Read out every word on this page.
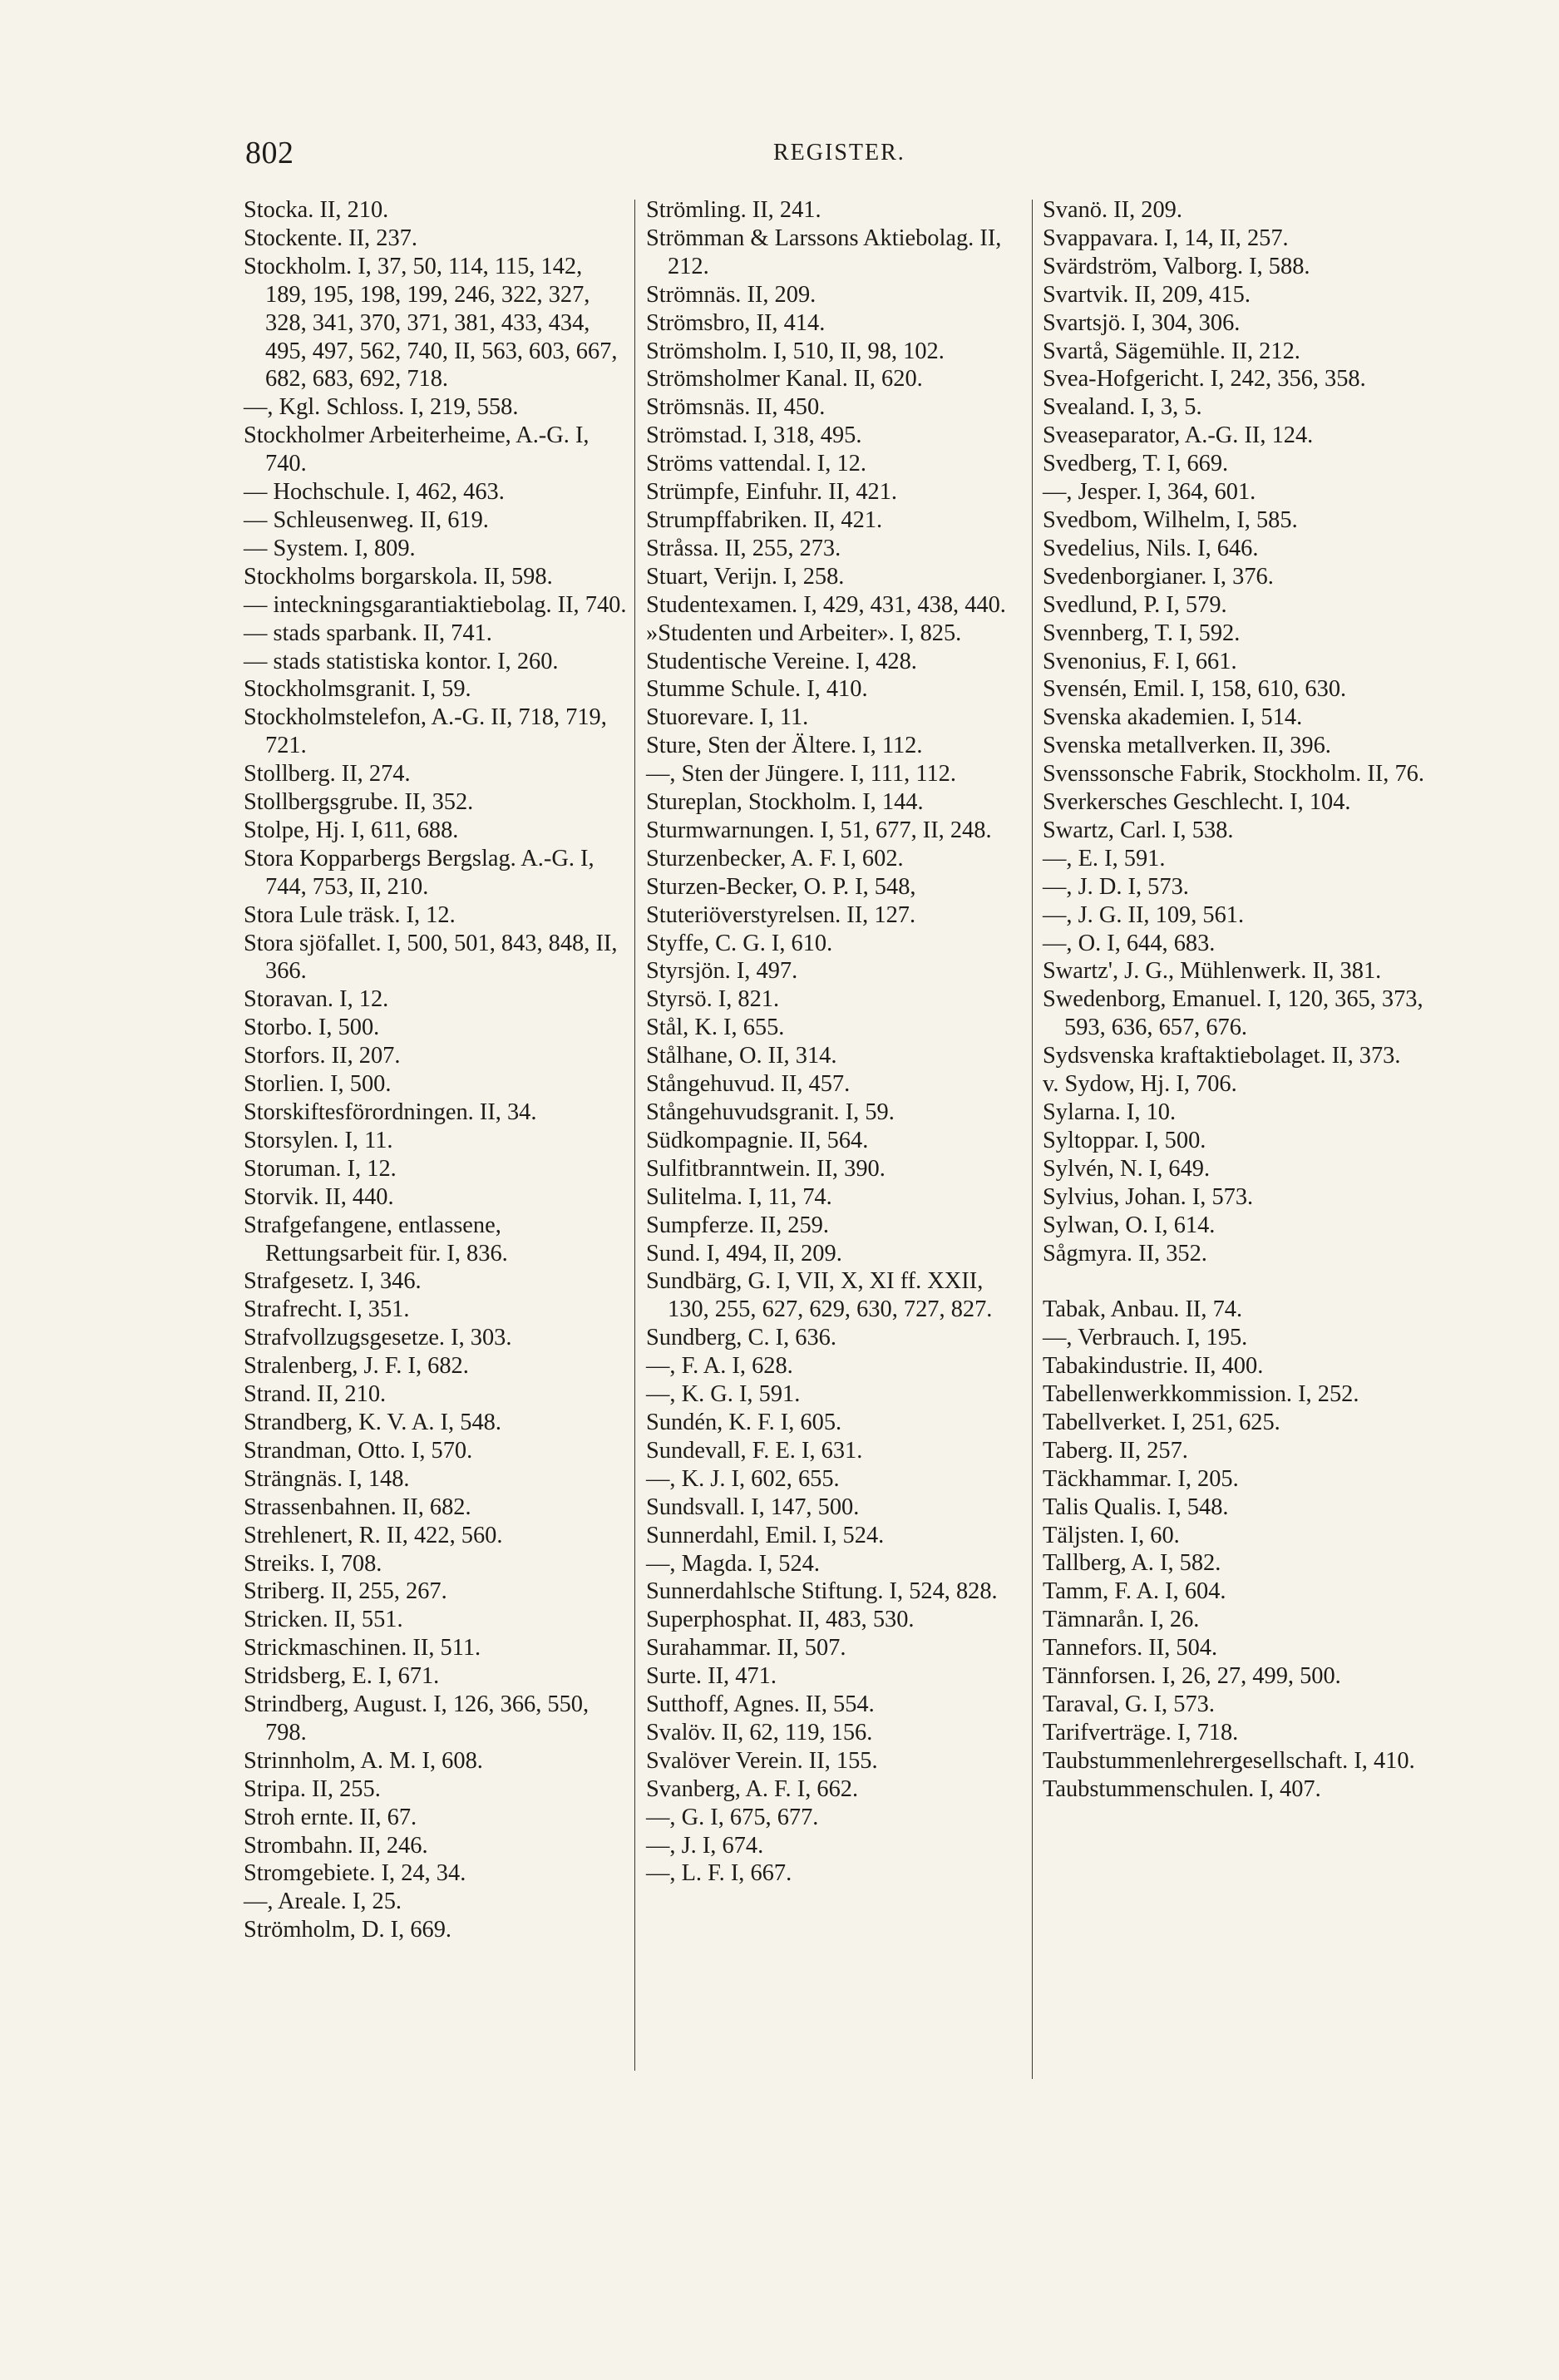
802	REGISTER.

Stocka. II, 210.

Stockente. II, 237.

Stockholm. I, 37, 50, 114, 115, 142, 189, 195, 198, 199, 246, 322, 327, 328, 341, 370, 371, 381, 433, 434, 495, 497, 562, 740, II, 563, 603, 667, 682, 683, 692, 718.

—, Kgl. Schloss. I, 219, 558.

Stockholmer Arbeiterheime, A.-G. I, 740.

— Hochschule. I, 462, 463.

— Schleusenweg. II, 619.

— System. I, 809.

Stockholms borgarskola. II, 598.

— inteckningsgarantiaktiebolag. II, 740.

— stads sparbank. II, 741.

— stads statistiska kontor. I, 260.

Stockholmsgranit. I, 59.

Stockholmstelefon, A.-G. II, 718, 719, 721.

Stollberg. II, 274.

Stollbergsgrube. II, 352.

Stolpe, Hj. I, 611, 688.

Stora Kopparbergs Bergslag. A.-G. I, 744, 753, II, 210.

Stora Lule träsk. I, 12.

Stora sjöfallet. I, 500, 501, 843, 848, II, 366.

Storavan. I, 12.

Storbo. I, 500.

Storfors. II, 207.

Storlien. I, 500.

Storskiftesförordningen. II, 34.

Storsylen. I, 11.

Storuman. I, 12.

Storvik. II, 440.

Strafgefangene, entlassene, Rettungsarbeit für. I, 836.

Strafgesetz. I, 346.

Strafrecht. I, 351.

Strafvollzugsgesetze. I, 303.

Stralenberg, J. F. I, 682.

Strand. II, 210.

Strandberg, K. V. A. I, 548.

Strandman, Otto. I, 570.

Strängnäs. I, 148.

Strassenbahnen. II, 682.

Strehlenert, R. II, 422, 560.

Streiks. I, 708.

Striberg. II, 255, 267.

Stricken. II, 551.

Strickmaschinen. II, 511.

Stridsberg, E. I, 671.

Strindberg, August. I, 126, 366, 550, 798.

Strinnholm, A. M. I, 608.

Stripa. II, 255.

Stroh ernte. II, 67.

Strombahn. II, 246.

Stromgebiete. I, 24, 34.

—, Areale. I, 25.

Strömholm, D. I, 669.

Strömling. II, 241.

Strömman & Larssons Aktiebolag. II, 212.

Strömnäs. II, 209.

Strömsbro, II, 414.

Strömsholm. I, 510, II, 98, 102.

Strömsholmer Kanal. II, 620.

Strömsnäs. II, 450.

Strömstad. I, 318, 495.

Ströms vattendal. I, 12.

Strümpfe, Einfuhr. II, 421.

Strumpffabriken. II, 421.

Stråssa. II, 255, 273.

Stuart, Verijn. I, 258.

Studentexamen. I, 429, 431, 438, 440.

»Studenten und Arbeiter». I, 825.

Studentische Vereine. I, 428.

Stumme Schule. I, 410.

Stuorevare. I, 11.

Sture, Sten der Ältere. I, 112.

—, Sten der Jüngere. I, 111, 112.

Stureplan, Stockholm. I, 144.

Sturmwarnungen. I, 51, 677, II, 248.

Sturzenbecker, A. F. I, 602.

Sturzen-Becker, O. P. I, 548,

Stuteriöverstyrelsen. II, 127.

Styffe, C. G. I, 610.

Styrsjön. I, 497.

Styrsö. I, 821.

Stål, K. I, 655.

Stålhane, O. II, 314.

Stångehuvud. II, 457.

Stångehuvudsgranit. I, 59.

Südkompagnie. II, 564.

Sulfitbranntwein. II, 390.

Sulitelma. I, 11, 74.

Sumpferze. II, 259.

Sund. I, 494, II, 209.

Sundbärg, G. I, VII, X, XI ff. XXII, 130, 255, 627, 629, 630, 727, 827.

Sundberg, C. I, 636.

—, F. A. I, 628.

—, K. G. I, 591.

Sundén, K. F. I, 605.

Sundevall, F. E. I, 631.

—, K. J. I, 602, 655.

Sundsvall. I, 147, 500.

Sunnerdahl, Emil. I, 524.

—, Magda. I, 524.

Sunnerdahlsche Stiftung. I, 524, 828.

Superphosphat. II, 483, 530.

Surahammar. II, 507.

Surte. II, 471.

Sutthoff, Agnes. II, 554.

Svalöv. II, 62, 119, 156.

Svalöver Verein. II, 155.

Svanberg, A. F. I, 662.

—, G. I, 675, 677.

—, J. I, 674.

—, L. F. I, 667.

Svanö. II, 209.

Svappavara. I, 14, II, 257.

Svärdström, Valborg. I, 588.

Svartvik. II, 209, 415.

Svartsjö. I, 304, 306.

Svartå, Sägemühle. II, 212.

Svea-Hofgericht. I, 242, 356, 358.

Svealand. I, 3, 5.

Sveaseparator, A.-G. II, 124.

Svedberg, T. I, 669.

—, Jesper. I, 364, 601.

Svedbom, Wilhelm, I, 585.

Svedelius, Nils. I, 646.

Svedenborgianer. I, 376.

Svedlund, P. I, 579.

Svennberg, T. I, 592.

Svenonius, F. I, 661.

Svensén, Emil. I, 158, 610, 630.

Svenska akademien. I, 514.

Svenska metallverken. II, 396.

Svenssonsche Fabrik, Stockholm. II, 76.

Sverkersches Geschlecht. I, 104.

Swartz, Carl. I, 538.

—, E. I, 591.

—, J. D. I, 573.

—, J. G. II, 109, 561.

—, O. I, 644, 683.

Swartz', J. G., Mühlenwerk. II, 381.

Swedenborg, Emanuel. I, 120, 365, 373, 593, 636, 657, 676.

Sydsvenska kraftaktiebolaget. II, 373.

v. Sydow, Hj. I, 706.

Sylarna. I, 10.

Syltoppar. I, 500.

Sylvén, N. I, 649.

Sylvius, Johan. I, 573.

Sylwan, O. I, 614.

Sågmyra. II, 352.

Tabak, Anbau. II, 74.

—, Verbrauch. I, 195.

Tabakindustrie. II, 400.

Tabellenwerkkommission. I, 252.

Tabellverket. I, 251, 625.

Taberg. II, 257.

Täckhammar. I, 205.

Talis Qualis. I, 548.

Täljsten. I, 60.

Tallberg, A. I, 582.

Tamm, F. A. I, 604.

Tämnarån. I, 26.

Tannefors. II, 504.

Tännforsen. I, 26, 27, 499, 500.

Taraval, G. I, 573.

Tarifverträge. I, 718.

Taubstummenlehrergesellschaft. I, 410.

Taubstummenschulen. I, 407.
